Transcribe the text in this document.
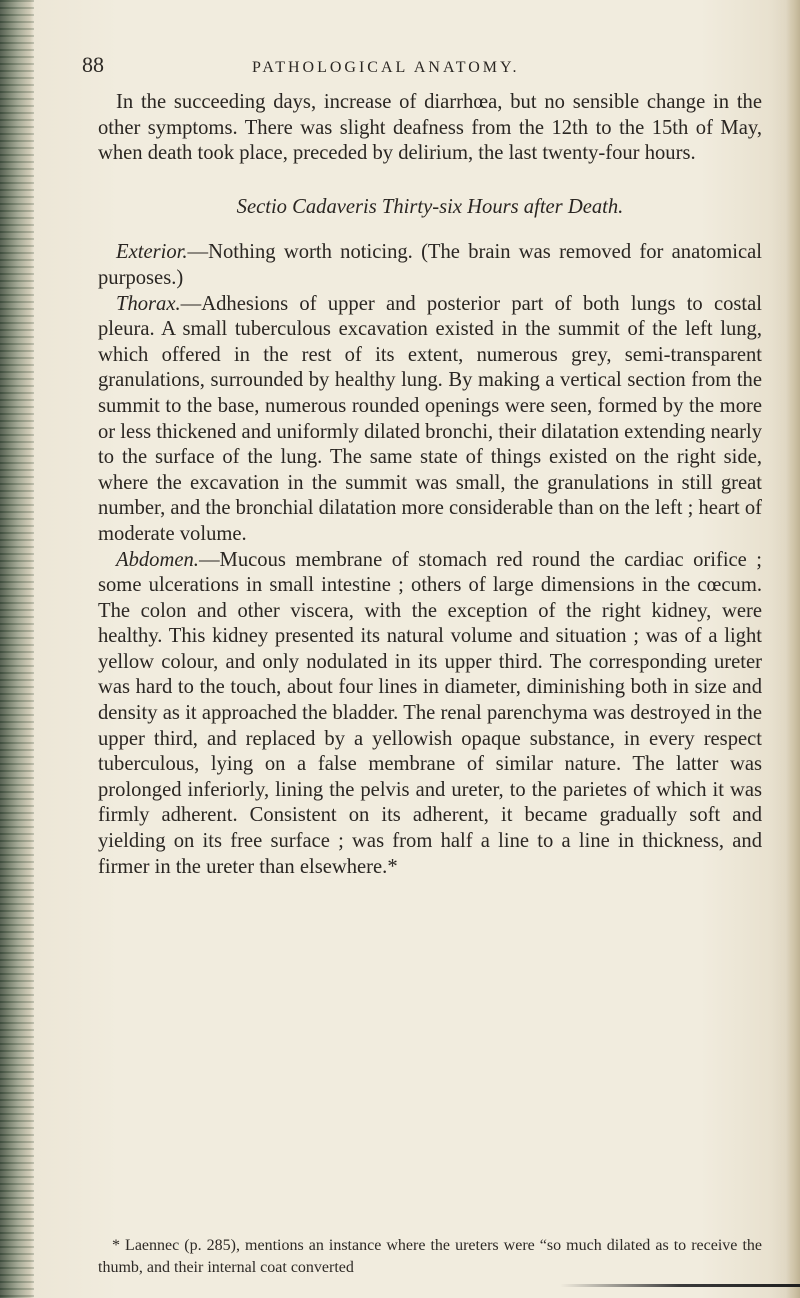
88	PATHOLOGICAL ANATOMY.

In the succeeding days, increase of diarrhœa, but no sensible change in the other symptoms. There was slight deafness from the 12th to the 15th of May, when death took place, preceded by delirium, the last twenty-four hours.

Sectio Cadaveris Thirty-six Hours after Death.

Exterior.—Nothing worth noticing. (The brain was removed for anatomical purposes.)

Thorax.—Adhesions of upper and posterior part of both lungs to costal pleura. A small tuberculous excavation existed in the summit of the left lung, which offered in the rest of its extent, numerous grey, semi-transparent granulations, surrounded by healthy lung. By making a vertical section from the summit to the base, numerous rounded openings were seen, formed by the more or less thickened and uniformly dilated bronchi, their dilatation extending nearly to the surface of the lung. The same state of things existed on the right side, where the excavation in the summit was small, the granulations in still great number, and the bronchial dilatation more considerable than on the left ; heart of moderate volume.

Abdomen.—Mucous membrane of stomach red round the cardiac orifice ; some ulcerations in small intestine ; others of large dimensions in the cœcum. The colon and other viscera, with the exception of the right kidney, were healthy. This kidney presented its natural volume and situation ; was of a light yellow colour, and only nodulated in its upper third. The corresponding ureter was hard to the touch, about four lines in diameter, diminishing both in size and density as it approached the bladder. The renal parenchyma was destroyed in the upper third, and replaced by a yellowish opaque substance, in every respect tuberculous, lying on a false membrane of similar nature. The latter was prolonged inferiorly, lining the pelvis and ureter, to the parietes of which it was firmly adherent. Consistent on its adherent, it became gradually soft and yielding on its free surface ; was from half a line to a line in thickness, and firmer in the ureter than elsewhere.*

* Laennec (p. 285), mentions an instance where the ureters were “so much dilated as to receive the thumb, and their internal coat converted
